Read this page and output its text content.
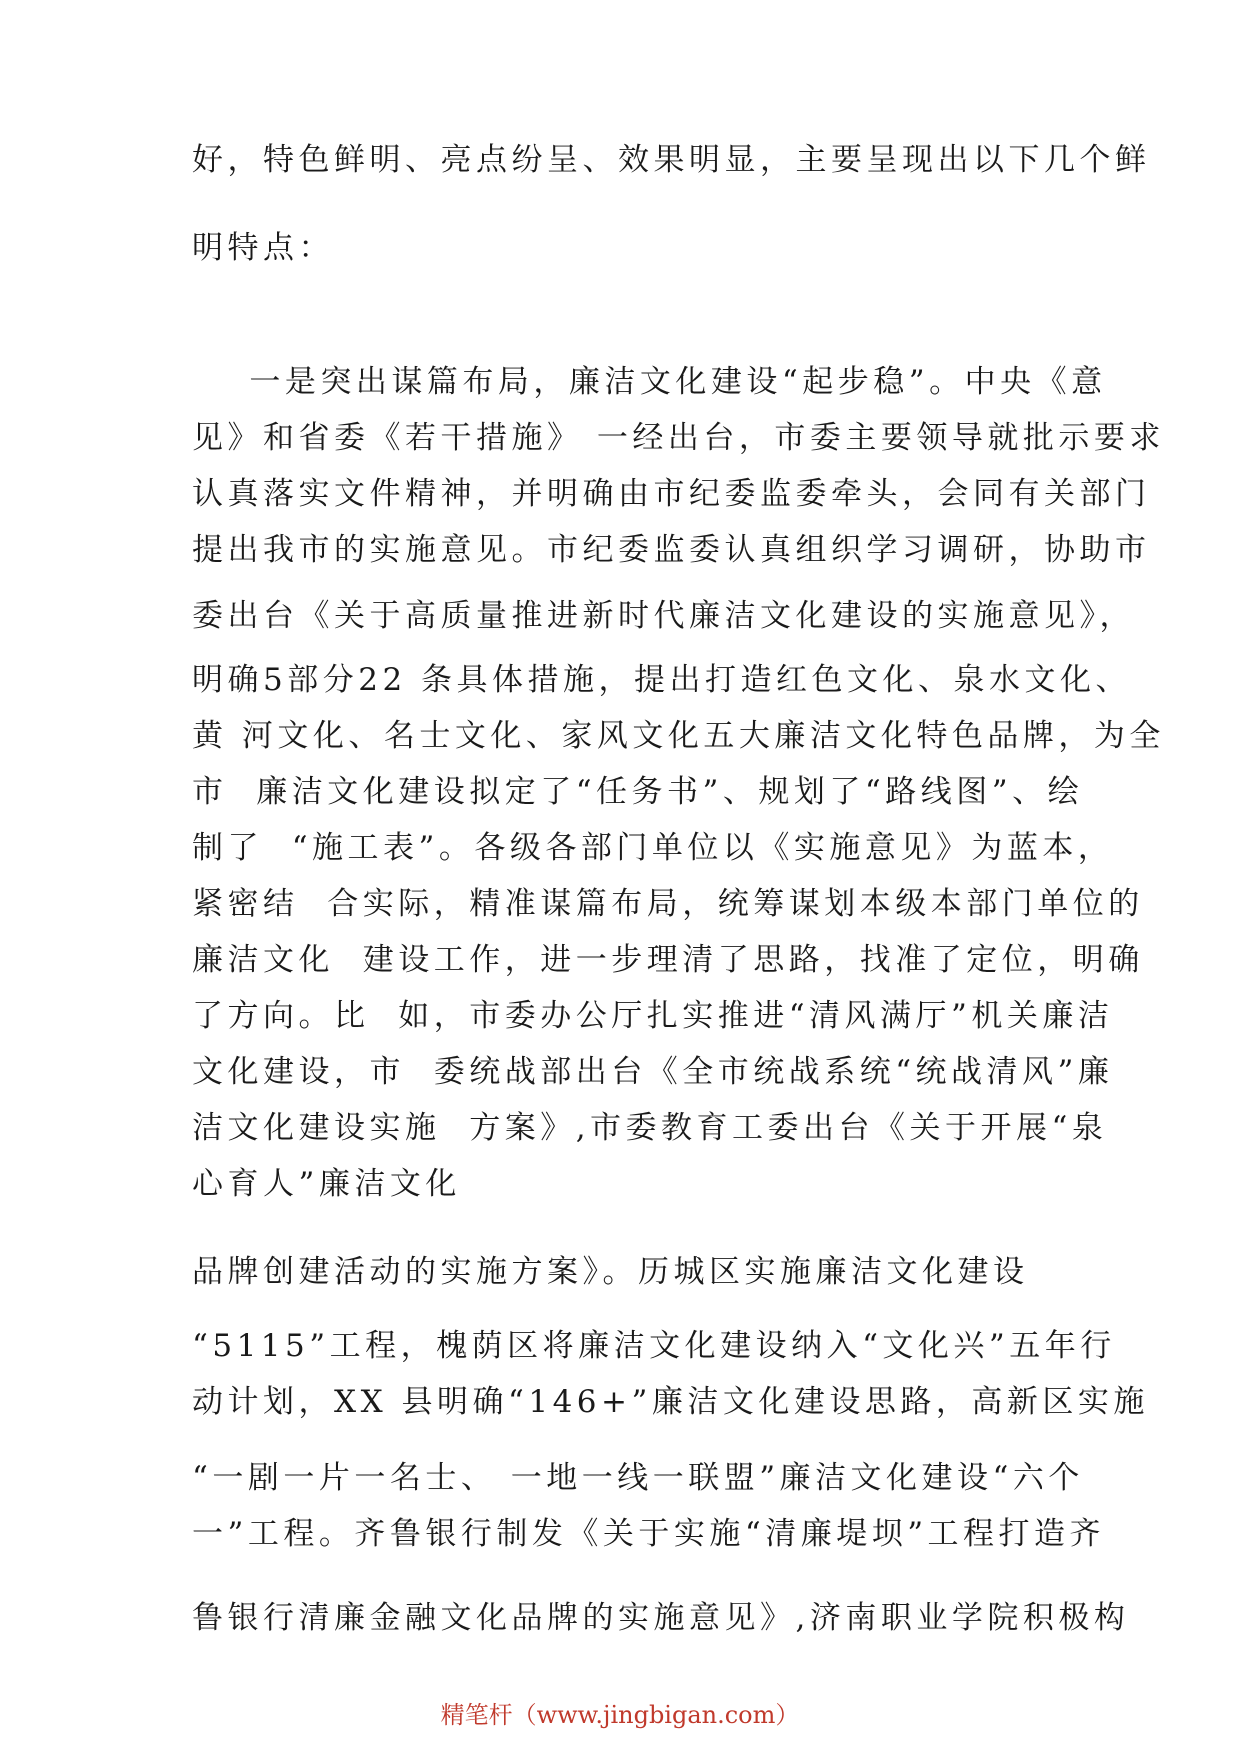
好，特色鲜明、亮点纷呈、效果明显，主要呈现出以下几个鲜
明特点：
一是突出谋篇布局，廉洁文化建设“起步稳”。中央《意
见》和省委《若干措施》 一经出台，市委主要领导就批示要求
认真落实文件精神，并明确由市纪委监委牵头，会同有关部门
提出我市的实施意见。市纪委监委认真组织学习调研，协助市
委出台《关于高质量推进新时代廉洁文化建设的实施意见》，
明确5部分22 条具体措施，提出打造红色文化、泉水文化、
黄 河文化、名士文化、家风文化五大廉洁文化特色品牌，为全
市  廉洁文化建设拟定了“任务书”、规划了“路线图”、绘
制了  “施工表”。各级各部门单位以《实施意见》为蓝本，
紧密结  合实际，精准谋篇布局，统筹谋划本级本部门单位的
廉洁文化  建设工作，进一步理清了思路，找准了定位，明确
了方向。比  如，市委办公厅扎实推进“清风满厅”机关廉洁
文化建设，市  委统战部出台《全市统战系统“统战清风”廉
洁文化建设实施  方案》,市委教育工委出台《关于开展“泉
心育人”廉洁文化
品牌创建活动的实施方案》。历城区实施廉洁文化建设
“5115”工程，槐荫区将廉洁文化建设纳入“文化兴”五年行
动计划，XX 县明确“146+”廉洁文化建设思路，高新区实施
“一剧一片一名士、 一地一线一联盟”廉洁文化建设“六个
一”工程。齐鲁银行制发《关于实施“清廉堤坝”工程打造齐
鲁银行清廉金融文化品牌的实施意见》,济南职业学院积极构
精笔杆（www.jingbigan.com）
